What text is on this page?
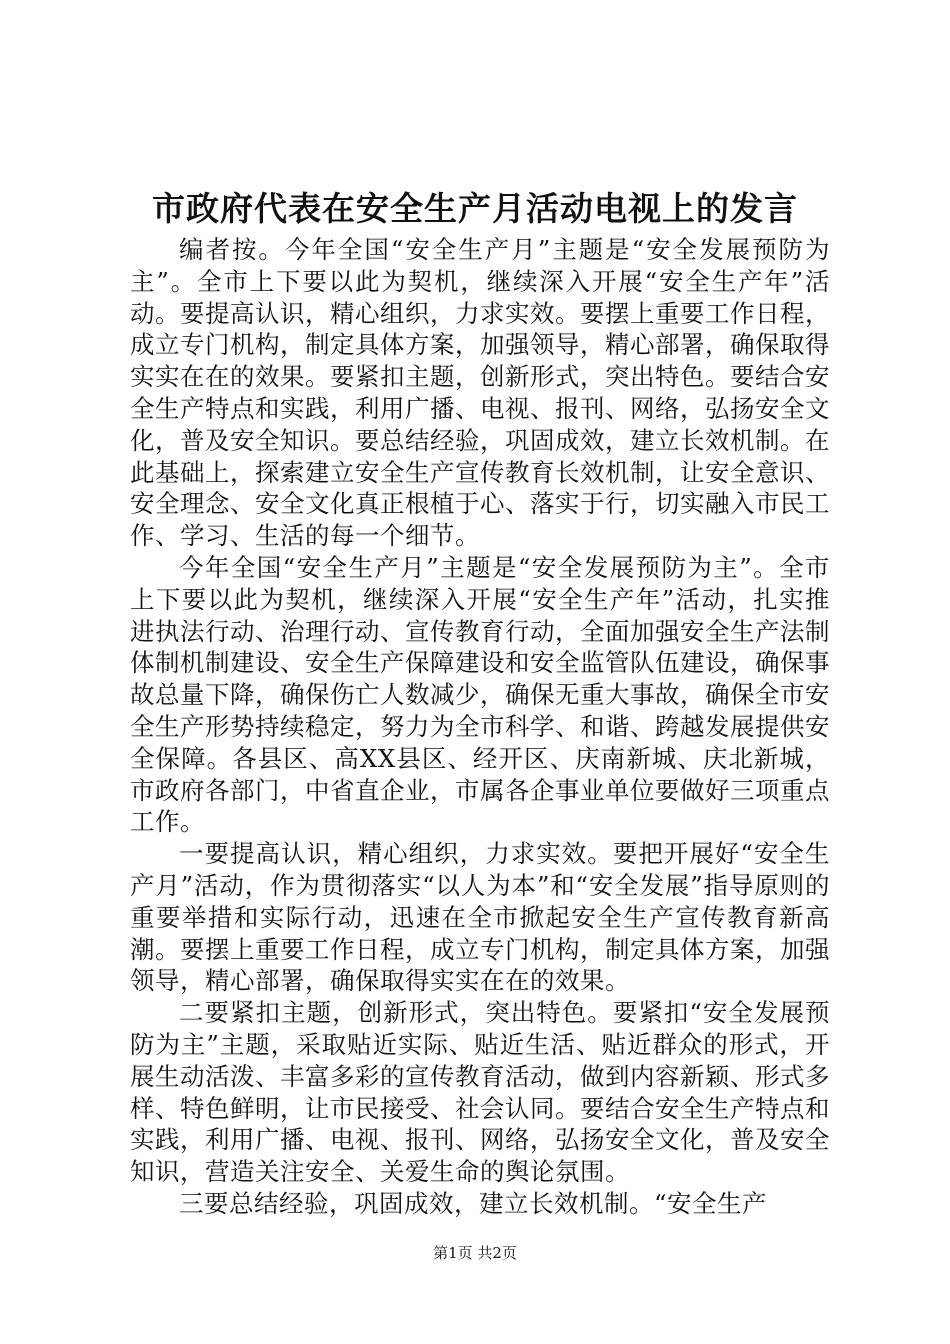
市政府代表在安全生产月活动电视上的发言

编者按。今年全国“安全生产月”主题是“安全发展预防为主”。全市上下要以此为契机，继续深入开展“安全生产年”活动。要提高认识，精心组织，力求实效。要摆上重要工作日程，成立专门机构，制定具体方案，加强领导，精心部署，确保取得实实在在的效果。要紧扣主题，创新形式，突出特色。要结合安全生产特点和实践，利用广播、电视、报刊、网络，弘扬安全文化，普及安全知识。要总结经验，巩固成效，建立长效机制。在此基础上，探索建立安全生产宣传教育长效机制，让安全意识、安全理念、安全文化真正根植于心、落实于行，切实融入市民工作、学习、生活的每一个细节。

今年全国“安全生产月”主题是“安全发展预防为主”。全市上下要以此为契机，继续深入开展“安全生产年”活动，扎实推进执法行动、治理行动、宣传教育行动，全面加强安全生产法制体制机制建设、安全生产保障建设和安全监管队伍建设，确保事故总量下降，确保伤亡人数减少，确保无重大事故，确保全市安全生产形势持续稳定，努力为全市科学、和谐、跨越发展提供安全保障。各县区、高XX县区、经开区、庆南新城、庆北新城，市政府各部门，中省直企业，市属各企事业单位要做好三项重点工作。

一要提高认识，精心组织，力求实效。要把开展好“安全生产月”活动，作为贯彻落实“以人为本”和“安全发展”指导原则的重要举措和实际行动，迅速在全市掀起安全生产宣传教育新高潮。要摆上重要工作日程，成立专门机构，制定具体方案，加强领导，精心部署，确保取得实实在在的效果。

二要紧扣主题，创新形式，突出特色。要紧扣“安全发展预防为主”主题，采取贴近实际、贴近生活、贴近群众的形式，开展生动活泼、丰富多彩的宣传教育活动，做到内容新颖、形式多样、特色鲜明，让市民接受、社会认同。要结合安全生产特点和实践，利用广播、电视、报刊、网络，弘扬安全文化，普及安全知识，营造关注安全、关爱生命的舆论氛围。

三要总结经验，巩固成效，建立长效机制。“安全生产

第1页 共2页
